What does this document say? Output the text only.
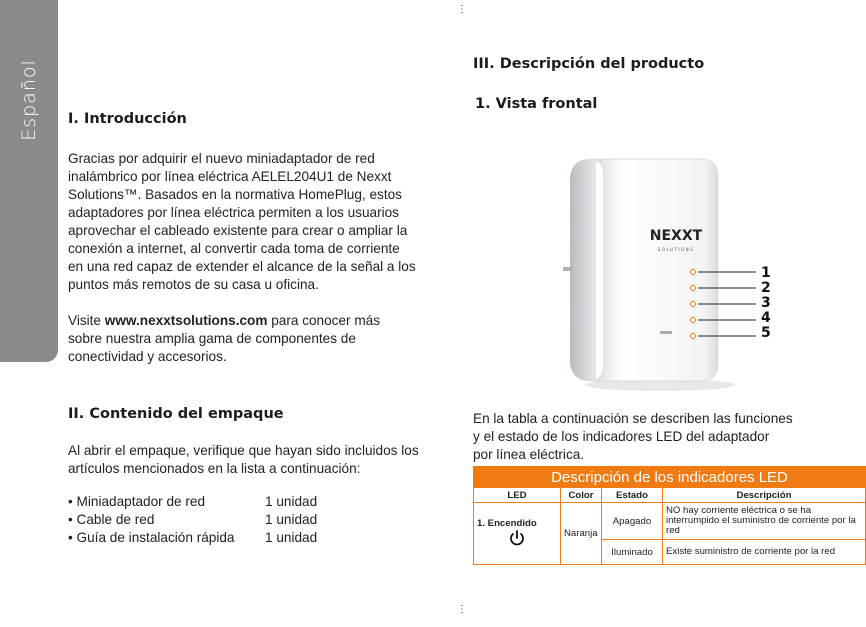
Español
⋮
⋮
I. Introducción
Gracias por adquirir el nuevo miniadaptador de red
inalámbrico por línea eléctrica AELEL204U1 de Nexxt
Solutions™. Basados en la normativa HomePlug, estos
adaptadores por línea eléctrica permiten a los usuarios
aprovechar el cableado existente para crear o ampliar la
conexión a internet, al convertir cada toma de corriente
en una red capaz de extender el alcance de la señal a los
puntos más remotos de su casa u oficina.
Visite www.nexxtsolutions.com para conocer más
sobre nuestra amplia gama de componentes de
conectividad y accesorios.
II. Contenido del empaque
Al abrir el empaque, verifique que hayan sido incluidos los
artículos mencionados en la lista a continuación:
• Miniadaptador de red	1 unidad
• Cable de red	1 unidad
• Guía de instalación rápida 1 unidad
III. Descripción del producto
1. Vista frontal
NEXXT
SOLUTIONS
1
2
3
4
5
En la tabla a continuación se describen las funciones
y el estado de los indicadores LED del adaptador
por línea eléctrica.
Descripción de los indicadores LED			
LED	Color	Estado	Descripción

1. Encendido	Naranja	Apagado	NO hay corriente eléctrica o se ha interrumpido el suministro de corriente por la red
		Iluminado	Existe suministro de corriente por la red
